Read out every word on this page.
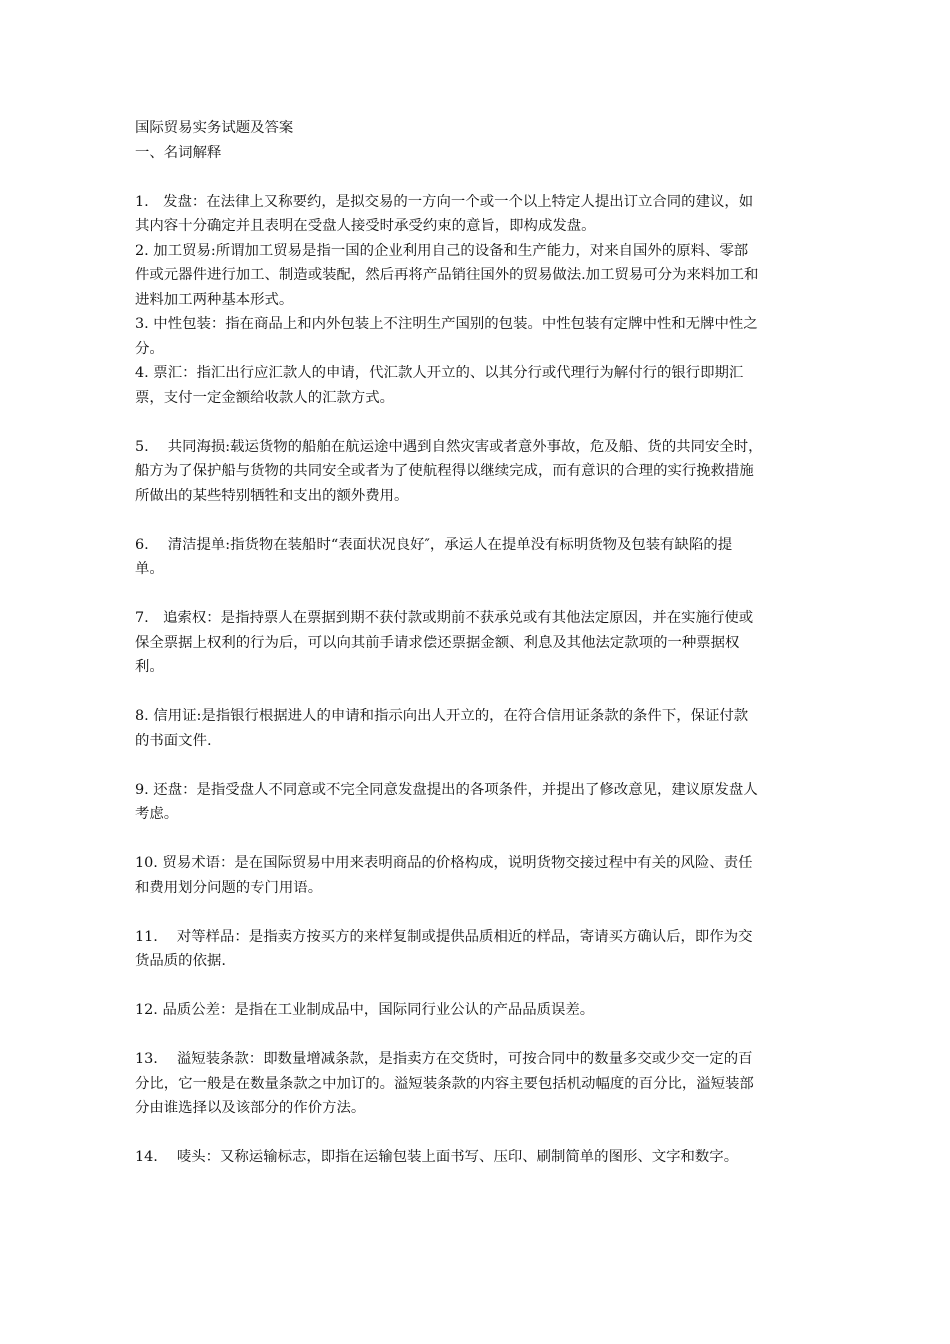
国际贸易实务试题及答案
一、名词解释
1.　发盘：在法律上又称要约，是拟交易的一方向一个或一个以上特定人提出订立合同的建议，如
其内容十分确定并且表明在受盘人接受时承受约束的意旨，即构成发盘。
2. 加工贸易:所谓加工贸易是指一国的企业利用自己的设备和生产能力，对来自国外的原料、零部
件或元器件进行加工、制造或装配，然后再将产品销往国外的贸易做法.加工贸易可分为来料加工和
进料加工两种基本形式。
3. 中性包装：指在商品上和内外包装上不注明生产国别的包装。中性包装有定牌中性和无牌中性之
分。
4. 票汇：指汇出行应汇款人的申请，代汇款人开立的、以其分行或代理行为解付行的银行即期汇
票，支付一定金额给收款人的汇款方式。
5.　 共同海损:载运货物的船舶在航运途中遇到自然灾害或者意外事故，危及船、货的共同安全时，
船方为了保护船与货物的共同安全或者为了使航程得以继续完成，而有意识的合理的实行挽救措施
所做出的某些特别牺牲和支出的额外费用。
6.　 清洁提单:指货物在装船时“表面状况良好″，承运人在提单没有标明货物及包装有缺陷的提
单。
7.　追索权：是指持票人在票据到期不获付款或期前不获承兑或有其他法定原因，并在实施行使或
保全票据上权利的行为后，可以向其前手请求偿还票据金额、利息及其他法定款项的一种票据权
利。
8. 信用证:是指银行根据进人的申请和指示向出人开立的，在符合信用证条款的条件下，保证付款
的书面文件.
9. 还盘：是指受盘人不同意或不完全同意发盘提出的各项条件，并提出了修改意见，建议原发盘人
考虑。
10. 贸易术语：是在国际贸易中用来表明商品的价格构成，说明货物交接过程中有关的风险、责任
和费用划分问题的专门用语。
11.　 对等样品：是指卖方按买方的来样复制或提供品质相近的样品，寄请买方确认后，即作为交
货品质的依据.
12. 品质公差：是指在工业制成品中，国际同行业公认的产品品质误差。
13.　 溢短装条款：即数量增减条款，是指卖方在交货时，可按合同中的数量多交或少交一定的百
分比，它一般是在数量条款之中加订的。溢短装条款的内容主要包括机动幅度的百分比，溢短装部
分由谁选择以及该部分的作价方法。
14.　 唛头：又称运输标志，即指在运输包装上面书写、压印、刷制简单的图形、文字和数字。
